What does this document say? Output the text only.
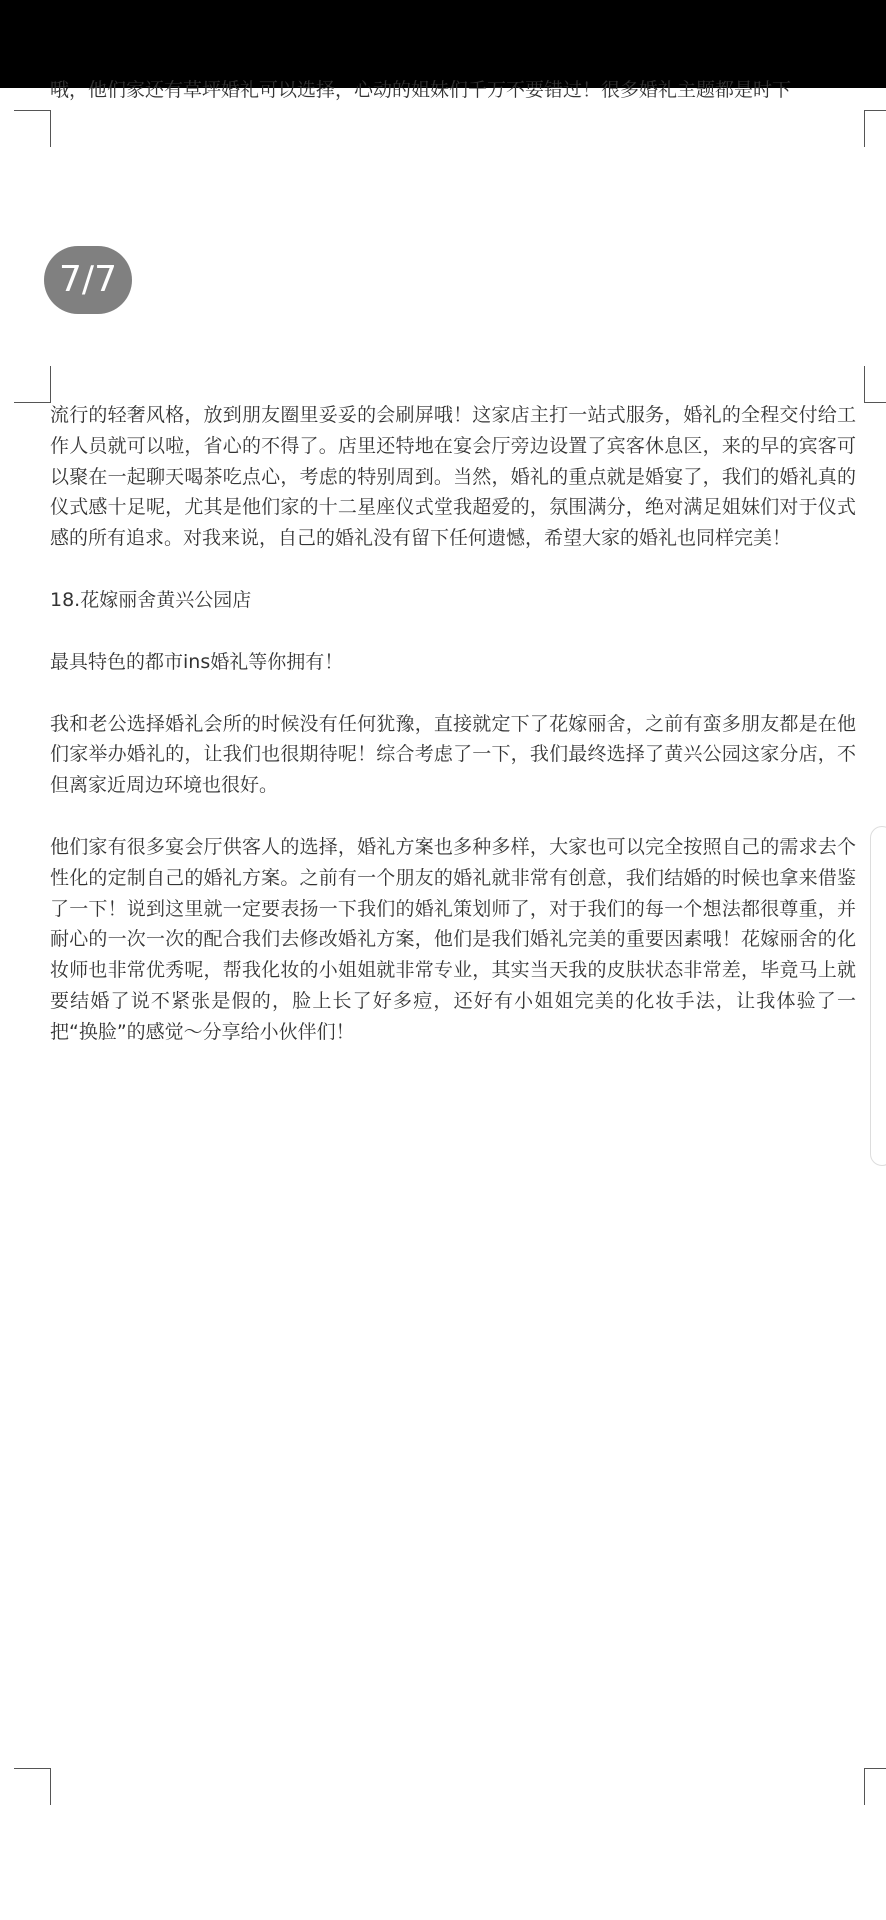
哦，他们家还有草坪婚礼可以选择，心动的姐妹们千万不要错过！很多婚礼主题都是时下
7/7

流行的轻奢风格，放到朋友圈里妥妥的会刷屏哦！这家店主打一站式服务，婚礼的全程交付给工作人员就可以啦，省心的不得了。店里还特地在宴会厅旁边设置了宾客休息区，来的早的宾客可以聚在一起聊天喝茶吃点心，考虑的特别周到。当然，婚礼的重点就是婚宴了，我们的婚礼真的仪式感十足呢，尤其是他们家的十二星座仪式堂我超爱的，氛围满分，绝对满足姐妹们对于仪式感的所有追求。对我来说，自己的婚礼没有留下任何遗憾，希望大家的婚礼也同样完美！

18.花嫁丽舍黄兴公园店

最具特色的都市ins婚礼等你拥有！

我和老公选择婚礼会所的时候没有任何犹豫，直接就定下了花嫁丽舍，之前有蛮多朋友都是在他们家举办婚礼的，让我们也很期待呢！综合考虑了一下，我们最终选择了黄兴公园这家分店，不但离家近周边环境也很好。

他们家有很多宴会厅供客人的选择，婚礼方案也多种多样，大家也可以完全按照自己的需求去个性化的定制自己的婚礼方案。之前有一个朋友的婚礼就非常有创意，我们结婚的时候也拿来借鉴了一下！说到这里就一定要表扬一下我们的婚礼策划师了，对于我们的每一个想法都很尊重，并耐心的一次一次的配合我们去修改婚礼方案，他们是我们婚礼完美的重要因素哦！花嫁丽舍的化妆师也非常优秀呢，帮我化妆的小姐姐就非常专业，其实当天我的皮肤状态非常差，毕竟马上就要结婚了说不紧张是假的，脸上长了好多痘，还好有小姐姐完美的化妆手法，让我体验了一把“换脸”的感觉～分享给小伙伴们！
